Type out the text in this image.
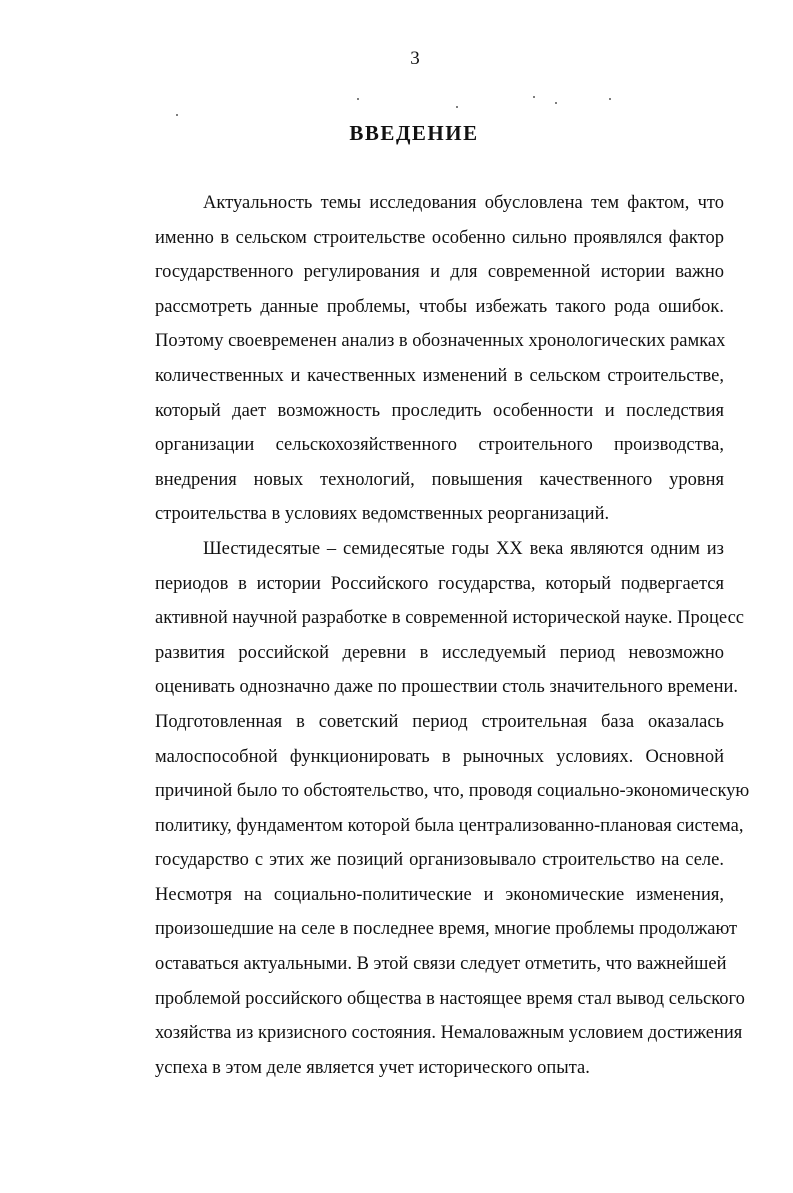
3
ВВЕДЕНИЕ
Актуальность темы исследования обусловлена тем фактом, что
именно в сельском строительстве особенно сильно проявлялся фактор
государственного регулирования и для современной истории важно
рассмотреть данные проблемы, чтобы избежать такого рода ошибок.
Поэтому своевременен анализ в обозначенных хронологических рамках
количественных и качественных изменений в сельском строительстве,
который дает возможность проследить особенности и последствия
организации сельскохозяйственного строительного производства,
внедрения новых технологий, повышения качественного уровня
строительства в условиях ведомственных реорганизаций.
Шестидесятые – семидесятые годы XX века являются одним из
периодов в истории Российского государства, который подвергается
активной научной разработке в современной исторической науке. Процесс
развития российской деревни в исследуемый период невозможно
оценивать однозначно даже по прошествии столь значительного времени.
Подготовленная в советский период строительная база оказалась
малоспособной функционировать в рыночных условиях. Основной
причиной было то обстоятельство, что, проводя социально-экономическую
политику, фундаментом которой была централизованно-плановая система,
государство с этих же позиций организовывало строительство на селе.
Несмотря на социально-политические и экономические изменения,
произошедшие на селе в последнее время, многие проблемы продолжают
оставаться актуальными. В этой связи следует отметить, что важнейшей
проблемой российского общества в настоящее время стал вывод сельского
хозяйства из кризисного состояния. Немаловажным условием достижения
успеха в этом деле является учет исторического опыта.
